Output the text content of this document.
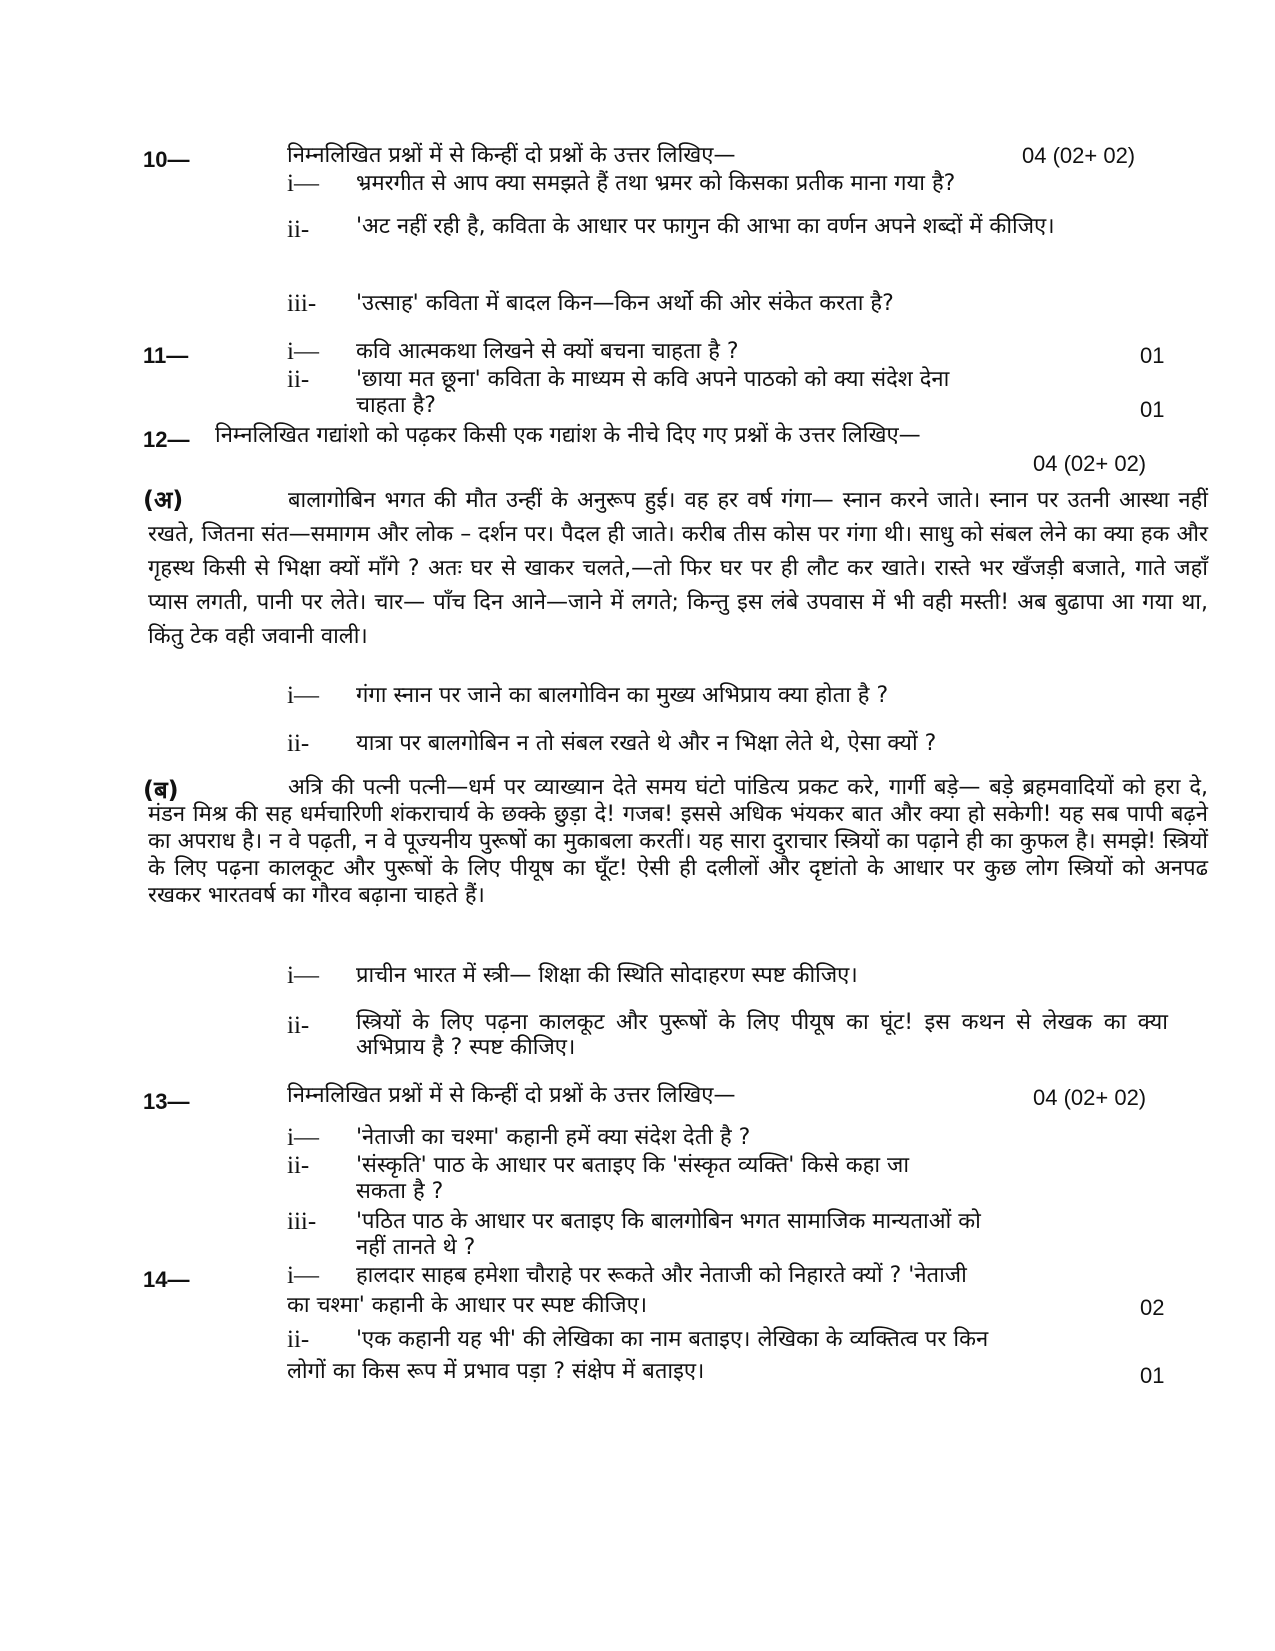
10—	निम्नलिखित प्रश्नों में से किन्हीं दो प्रश्नों के उत्तर लिखिए—	04 (02+ 02)
i— भ्रमरगीत से आप क्या समझते हैं तथा भ्रमर को किसका प्रतीक माना गया है?
ii- 'अट नहीं रही है, कविता के आधार पर फागुन की आभा का वर्णन अपने शब्दों में कीजिए।
iii- 'उत्साह' कविता में बादल किन—किन अर्थो की ओर संकेत करता है?
11—	i— कवि आत्मकथा लिखने से क्यों बचना चाहता है ?	01
ii- 'छाया मत छूना' कविता के माध्यम से कवि अपने पाठको को क्या संदेश देना
चाहता है?	01
12— निम्नलिखित गद्यांशो को पढ़कर किसी एक गद्यांश के नीचे दिए गए प्रश्नों के उत्तर लिखिए—
04 (02+ 02)
(अ)	बालागोबिन भगत की मौत उन्हीं के अनुरूप हुई। वह हर वर्ष गंगा— स्नान करने जाते। स्नान पर उतनी आस्था नहीं रखते, जितना संत—समागम और लोक – दर्शन पर। पैदल ही जाते। करीब तीस कोस पर गंगा थी। साधु को संबल लेने का क्या हक और गृहस्थ किसी से भिक्षा क्यों माँगे ? अतः घर से खाकर चलते,—तो फिर घर पर ही लौट कर खाते। रास्ते भर खँजड़ी बजाते, गाते जहाँ प्यास लगती, पानी पर लेते। चार— पाँच दिन आने—जाने में लगते; किन्तु इस लंबे उपवास में भी वही मस्ती! अब बुढापा आ गया था, किंतु टेक वही जवानी वाली।
i— गंगा स्नान पर जाने का बालगोविन का मुख्य अभिप्राय क्या होता है ?
ii- यात्रा पर बालगोबिन न तो संबल रखते थे और न भिक्षा लेते थे, ऐसा क्यों ?
(ब)	अत्रि की पत्नी पत्नी—धर्म पर व्याख्यान देते समय घंटो पांडित्य प्रकट करे, गार्गी बड़े— बड़े ब्रहमवादियों को हरा दे, मंडन मिश्र की सह धर्मचारिणी शंकराचार्य के छक्के छुड़ा दे! गजब! इससे अधिक भंयकर बात और क्या हो सकेगी! यह सब पापी बढ़ने का अपराध है। न वे पढ़ती, न वे पूज्यनीय पुरूषों का मुकाबला करतीं। यह सारा दुराचार स्त्रियों का पढ़ाने ही का कुफल है। समझे! स्त्रियों के लिए पढ़ना कालकूट और पुरूषों के लिए पीयूष का घूँट! ऐसी ही दलीलों और दृष्टांतो के आधार पर कुछ लोग स्त्रियों को अनपढ रखकर भारतवर्ष का गौरव बढ़ाना चाहते हैं।
i— प्राचीन भारत में स्त्री— शिक्षा की स्थिति सोदाहरण स्पष्ट कीजिए।
ii- स्त्रियों के लिए पढ़ना कालकूट और पुरूषों के लिए पीयूष का घूंट! इस कथन से लेखक का क्या अभिप्राय है ? स्पष्ट कीजिए।
13—	निम्नलिखित प्रश्नों में से किन्हीं दो प्रश्नों के उत्तर लिखिए—	04 (02+ 02)
i— 'नेताजी का चश्मा' कहानी हमें क्या संदेश देती है ?
ii- 'संस्कृति' पाठ के आधार पर बताइए कि 'संस्कृत व्यक्ति' किसे कहा जा
सकता है ?
iii- 'पठित पाठ के आधार पर बताइए कि बालगोबिन भगत सामाजिक मान्यताओं को
नहीं तानते थे ?
14—	i— हालदार साहब हमेशा चौराहे पर रूकते और नेताजी को निहारते क्यों ? 'नेताजी
का चश्मा' कहानी के आधार पर स्पष्ट कीजिए।	02
ii- 'एक कहानी यह भी' की लेखिका का नाम बताइए। लेखिका के व्यक्तित्व पर किन
लोगों का किस रूप में प्रभाव पड़ा ? संक्षेप में बताइए।	01
